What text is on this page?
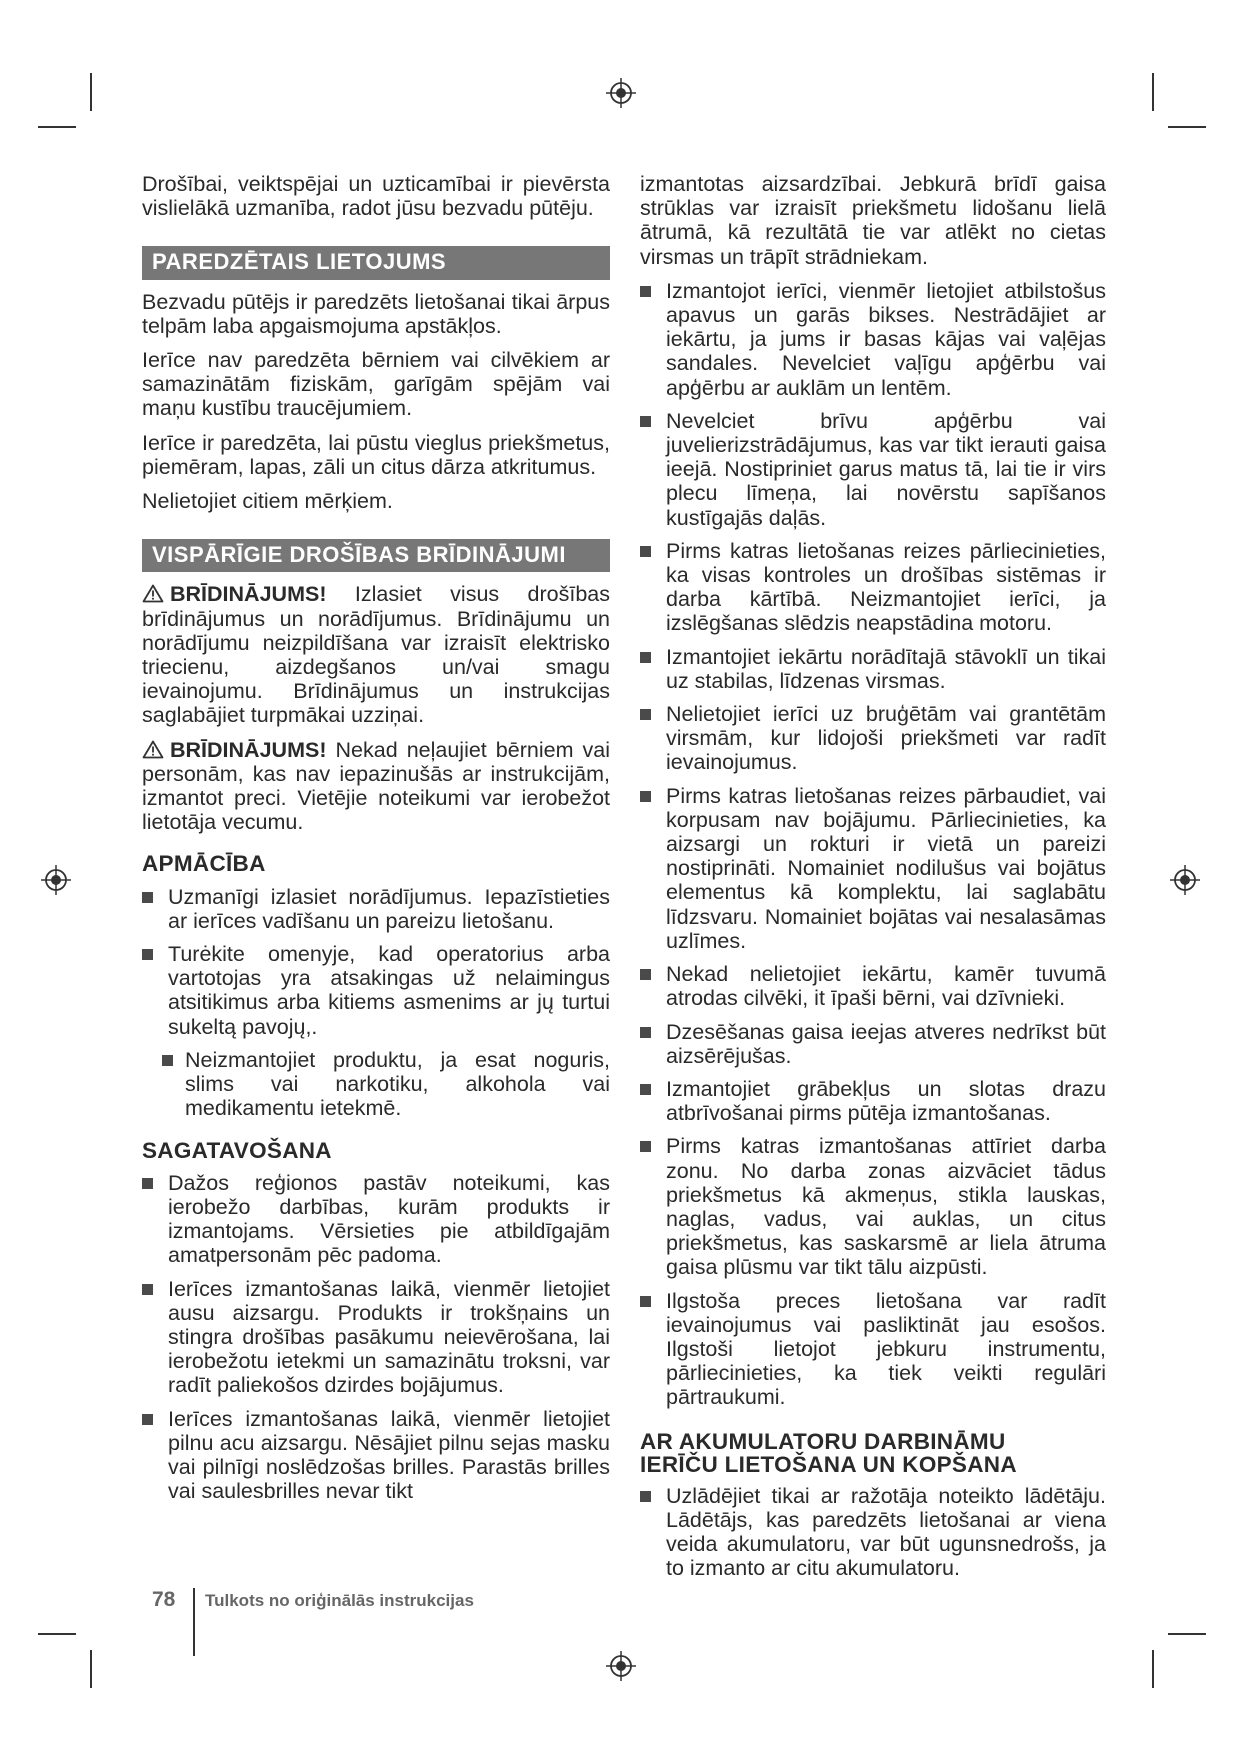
Drošībai, veiktspējai un uzticamībai ir pievērsta vislielākā uzmanība, radot jūsu bezvadu pūtēju.

PAREDZĒTAIS LIETOJUMS

Bezvadu pūtējs ir paredzēts lietošanai tikai ārpus telpām laba apgaismojuma apstākļos.

Ierīce nav paredzēta bērniem vai cilvēkiem ar samazinātām fiziskām, garīgām spējām vai maņu kustību traucējumiem.

Ierīce ir paredzēta, lai pūstu vieglus priekšmetus, piemēram, lapas, zāli un citus dārza atkritumus.

Nelietojiet citiem mērķiem.

VISPĀRĪGIE DROŠĪBAS BRĪDINĀJUMI

BRĪDINĀJUMS! Izlasiet visus drošības brīdinājumus un norādījumus. Brīdinājumu un norādījumu neizpildīšana var izraisīt elektrisko triecienu, aizdegšanos un/vai smagu ievainojumu. Brīdinājumus un instrukcijas saglabājiet turpmākai uzziņai.

BRĪDINĀJUMS! Nekad neļaujiet bērniem vai personām, kas nav iepazinušās ar instrukcijām, izmantot preci. Vietējie noteikumi var ierobežot lietotāja vecumu.

APMĀCĪBA
Uzmanīgi izlasiet norādījumus. Iepazīstieties ar ierīces vadīšanu un pareizu lietošanu.
Turėkite omenyje, kad operatorius arba vartotojas yra atsakingas už nelaimingus atsitikimus arba kitiems asmenims ar jų turtui sukeltą pavojų,.
Neizmantojiet produktu, ja esat noguris, slims vai narkotiku, alkohola vai medikamentu ietekmē.
SAGATAVOŠANA
Dažos reģionos pastāv noteikumi, kas ierobežo darbības, kurām produkts ir izmantojams. Vērsieties pie atbildīgajām amatpersonām pēc padoma.
Ierīces izmantošanas laikā, vienmēr lietojiet ausu aizsargu. Produkts ir trokšņains un stingra drošības pasākumu neievērošana, lai ierobežotu ietekmi un samazinātu troksni, var radīt paliekošos dzirdes bojājumus.
Ierīces izmantošanas laikā, vienmēr lietojiet pilnu acu aizsargu. Nēsājiet pilnu sejas masku vai pilnīgi noslēdzošas brilles. Parastās brilles vai saulesbrilles nevar tikt

izmantotas aizsardzībai. Jebkurā brīdī gaisa strūklas var izraisīt priekšmetu lidošanu lielā ātrumā, kā rezultātā tie var atlēkt no cietas virsmas un trāpīt strādniekam.

Izmantojot ierīci, vienmēr lietojiet atbilstošus apavus un garās bikses. Nestrādājiet ar iekārtu, ja jums ir basas kājas vai vaļējas sandales. Nevelciet vaļīgu apģērbu vai apģērbu ar auklām un lentēm.
Nevelciet brīvu apģērbu vai juvelierizstrādājumus, kas var tikt ierauti gaisa ieejā. Nostipriniet garus matus tā, lai tie ir virs plecu līmeņa, lai novērstu sapīšanos kustīgajās daļās.
Pirms katras lietošanas reizes pārliecinieties, ka visas kontroles un drošības sistēmas ir darba kārtībā. Neizmantojiet ierīci, ja izslēgšanas slēdzis neapstādina motoru.
Izmantojiet iekārtu norādītajā stāvoklī un tikai uz stabilas, līdzenas virsmas.
Nelietojiet ierīci uz bruģētām vai grantētām virsmām, kur lidojoši priekšmeti var radīt ievainojumus.
Pirms katras lietošanas reizes pārbaudiet, vai korpusam nav bojājumu. Pārliecinieties, ka aizsargi un rokturi ir vietā un pareizi nostiprināti. Nomainiet nodilušus vai bojātus elementus kā komplektu, lai saglabātu līdzsvaru. Nomainiet bojātas vai nesalasāmas uzlīmes.
Nekad nelietojiet iekārtu, kamēr tuvumā atrodas cilvēki, it īpaši bērni, vai dzīvnieki.
Dzesēšanas gaisa ieejas atveres nedrīkst būt aizsērējušas.
Izmantojiet grābekļus un slotas drazu atbrīvošanai pirms pūtēja izmantošanas.
Pirms katras izmantošanas attīriet darba zonu. No darba zonas aizvāciet tādus priekšmetus kā akmeņus, stikla lauskas, naglas, vadus, vai auklas, un citus priekšmetus, kas saskarsmē ar liela ātruma gaisa plūsmu var tikt tālu aizpūsti.
Ilgstoša preces lietošana var radīt ievainojumus vai pasliktināt jau esošos. Ilgstoši lietojot jebkuru instrumentu, pārliecinieties, ka tiek veikti regulāri pārtraukumi.
AR AKUMULATORU DARBINĀMU
IERĪČU LIETOŠANA UN KOPŠANA
Uzlādējiet tikai ar ražotāja noteikto lādētāju. Lādētājs, kas paredzēts lietošanai ar viena veida akumulatoru, var būt ugunsnedrošs, ja to izmanto ar citu akumulatoru.
78 Tulkots no oriģinālās instrukcijas
